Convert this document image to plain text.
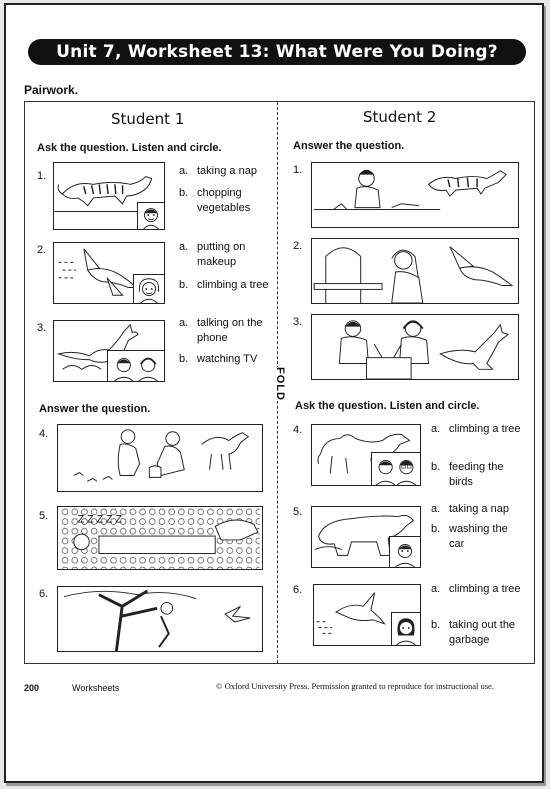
Unit 7, Worksheet 13: What Were You Doing?
Pairwork.
FOLD
Student 1
Ask the question. Listen and circle.
1.	a. taking a nap
b. chopping vegetables
2.	a. putting on makeup
b. climbing a tree
3.	a. talking on the phone
b. watching TV
Answer the question.
4.
5.	Z Z Z Z Z
6.
Student 2
Answer the question.
1.
2.
3.
Ask the question. Listen and circle.
4.	a. climbing a tree
b. feeding the birds
5.	a. taking a nap
b. washing the car
6.	a. climbing a tree
b. taking out the garbage
200	Worksheets	© Oxford University Press. Permission granted to reproduce for instructional use.
